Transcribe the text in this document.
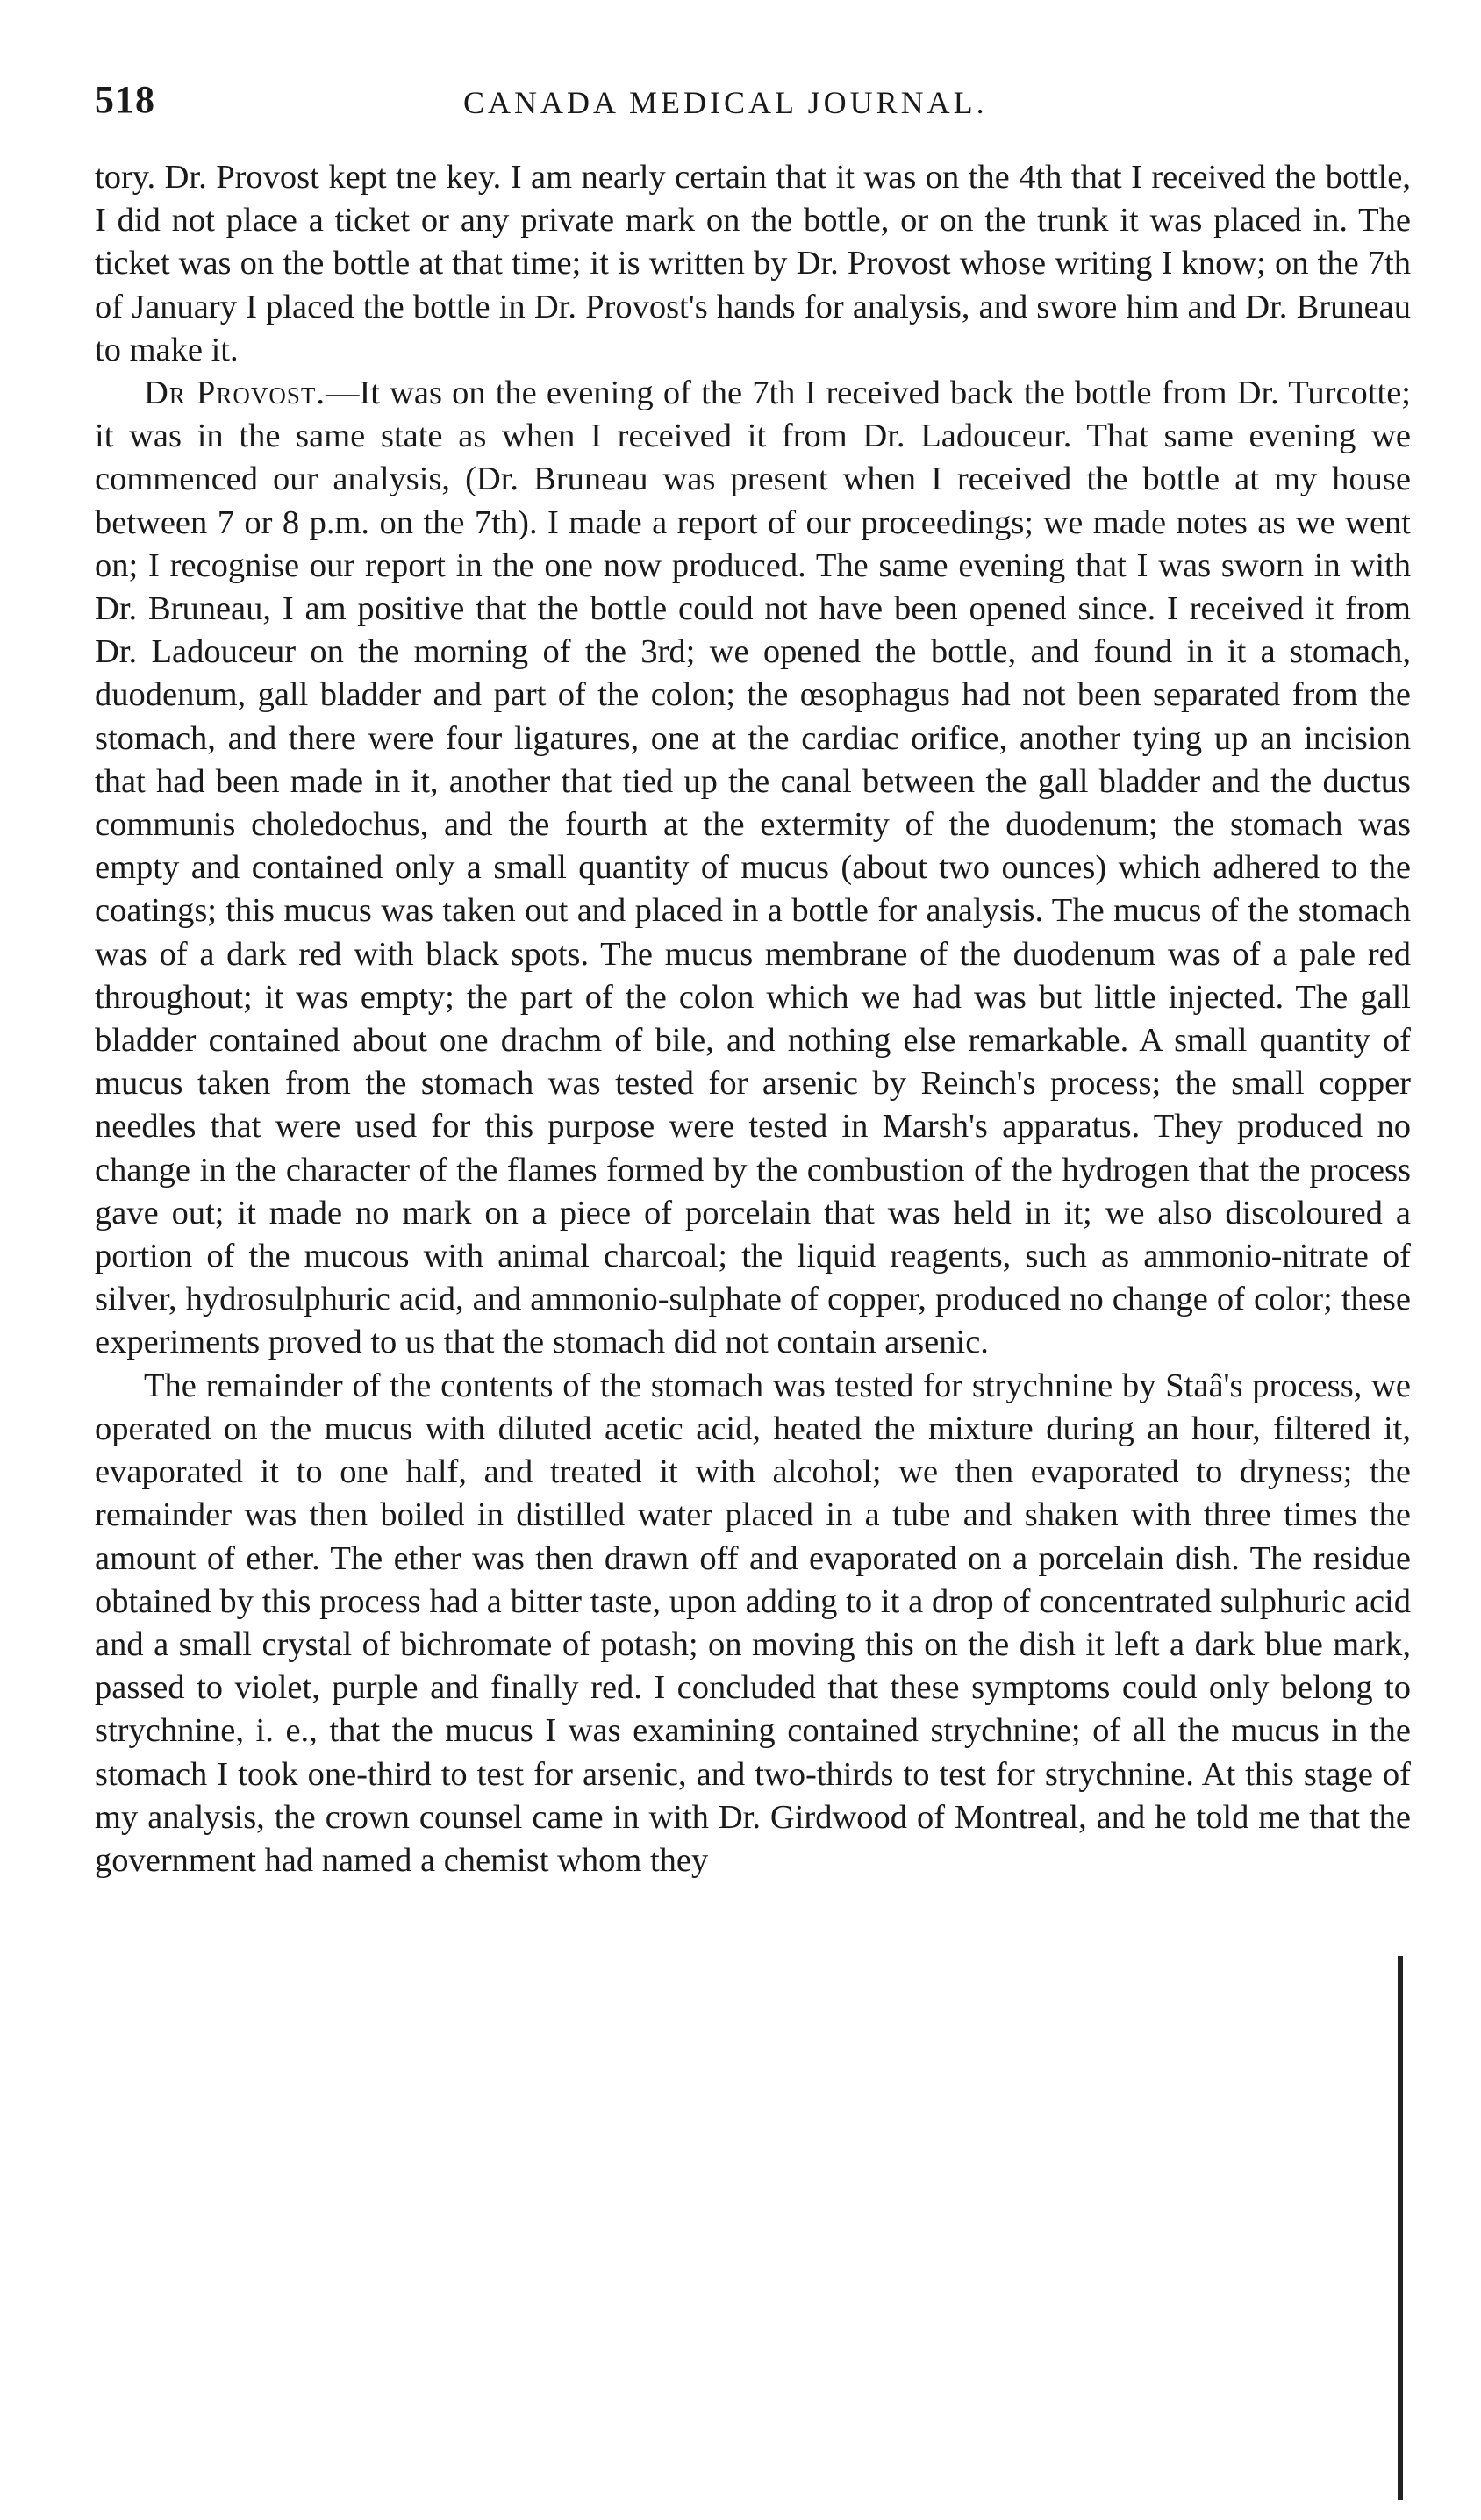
518	CANADA MEDICAL JOURNAL.

tory. Dr. Provost kept tne key. I am nearly certain that it was on the 4th that I received the bottle, I did not place a ticket or any private mark on the bottle, or on the trunk it was placed in. The ticket was on the bottle at that time; it is written by Dr. Provost whose writing I know; on the 7th of January I placed the bottle in Dr. Provost's hands for analysis, and swore him and Dr. Bruneau to make it.

Dr Provost.—It was on the evening of the 7th I received back the bottle from Dr. Turcotte; it was in the same state as when I received it from Dr. Ladouceur. That same evening we commenced our analysis, (Dr. Bruneau was present when I received the bottle at my house between 7 or 8 p.m. on the 7th). I made a report of our proceedings; we made notes as we went on; I recognise our report in the one now produced. The same evening that I was sworn in with Dr. Bruneau, I am positive that the bottle could not have been opened since. I received it from Dr. Ladouceur on the morning of the 3rd; we opened the bottle, and found in it a stomach, duodenum, gall bladder and part of the colon; the œsophagus had not been separated from the stomach, and there were four ligatures, one at the cardiac orifice, another tying up an incision that had been made in it, another that tied up the canal between the gall bladder and the ductus communis choledochus, and the fourth at the extermity of the duodenum; the stomach was empty and contained only a small quantity of mucus (about two ounces) which adhered to the coatings; this mucus was taken out and placed in a bottle for analysis. The mucus of the stomach was of a dark red with black spots. The mucus membrane of the duodenum was of a pale red throughout; it was empty; the part of the colon which we had was but little injected. The gall bladder contained about one drachm of bile, and nothing else remarkable. A small quantity of mucus taken from the stomach was tested for arsenic by Reinch's process; the small copper needles that were used for this purpose were tested in Marsh's apparatus. They produced no change in the character of the flames formed by the combustion of the hydrogen that the process gave out; it made no mark on a piece of porcelain that was held in it; we also discoloured a portion of the mucous with animal charcoal; the liquid reagents, such as ammonio-nitrate of silver, hydrosulphuric acid, and ammonio-sulphate of copper, produced no change of color; these experiments proved to us that the stomach did not contain arsenic.

The remainder of the contents of the stomach was tested for strychnine by Staâ's process, we operated on the mucus with diluted acetic acid, heated the mixture during an hour, filtered it, evaporated it to one half, and treated it with alcohol; we then evaporated to dryness; the remainder was then boiled in distilled water placed in a tube and shaken with three times the amount of ether. The ether was then drawn off and evaporated on a porcelain dish. The residue obtained by this process had a bitter taste, upon adding to it a drop of concentrated sulphuric acid and a small crystal of bichromate of potash; on moving this on the dish it left a dark blue mark, passed to violet, purple and finally red. I concluded that these symptoms could only belong to strychnine, i. e., that the mucus I was examining contained strychnine; of all the mucus in the stomach I took one-third to test for arsenic, and two-thirds to test for strychnine. At this stage of my analysis, the crown counsel came in with Dr. Girdwood of Montreal, and he told me that the government had named a chemist whom they
